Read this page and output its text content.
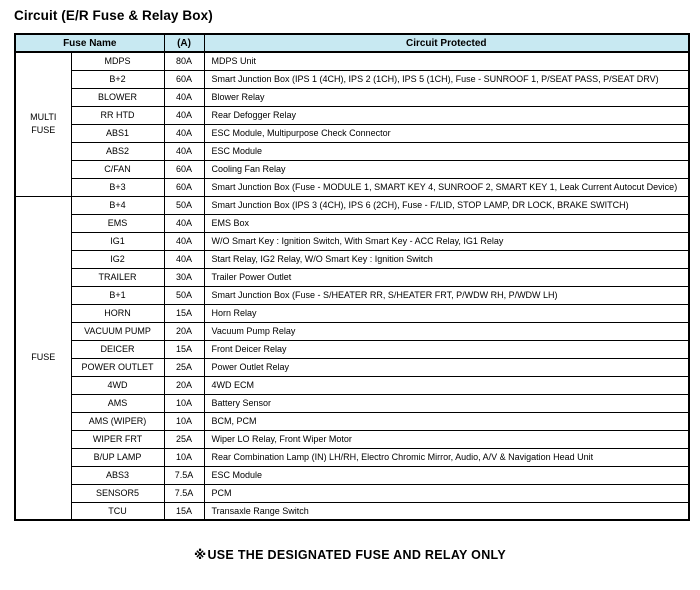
Circuit (E/R Fuse & Relay Box)
Fuse Name		(A)	Circuit Protected
MULTI
FUSE	MDPS	80A	MDPS Unit
	B+2	60A	Smart Junction Box (IPS 1 (4CH), IPS 2 (1CH), IPS 5 (1CH), Fuse - SUNROOF 1, P/SEAT PASS, P/SEAT DRV)
	BLOWER	40A	Blower Relay
	RR HTD	40A	Rear Defogger Relay
	ABS1	40A	ESC Module, Multipurpose Check Connector
	ABS2	40A	ESC Module
	C/FAN	60A	Cooling Fan Relay
	B+3	60A	Smart Junction Box (Fuse - MODULE 1, SMART KEY 4, SUNROOF 2, SMART KEY 1, Leak Current Autocut Device)
FUSE	B+4	50A	Smart Junction Box (IPS 3 (4CH), IPS 6 (2CH), Fuse - F/LID, STOP LAMP, DR LOCK, BRAKE SWITCH)
	EMS	40A	EMS Box
	IG1	40A	W/O Smart Key : Ignition Switch, With Smart Key - ACC Relay, IG1 Relay
	IG2	40A	Start Relay, IG2 Relay, W/O Smart Key : Ignition Switch
	TRAILER	30A	Trailer Power Outlet
	B+1	50A	Smart Junction Box (Fuse - S/HEATER RR, S/HEATER FRT, P/WDW RH, P/WDW LH)
	HORN	15A	Horn Relay
	VACUUM PUMP	20A	Vacuum Pump Relay
	DEICER	15A	Front Deicer Relay
	POWER OUTLET	25A	Power Outlet Relay
	4WD	20A	4WD ECM
	AMS	10A	Battery Sensor
	AMS (WIPER)	10A	BCM, PCM
	WIPER FRT	25A	Wiper LO Relay, Front Wiper Motor
	B/UP LAMP	10A	Rear Combination Lamp (IN) LH/RH, Electro Chromic Mirror, Audio, A/V & Navigation Head Unit
	ABS3	7.5A	ESC Module
	SENSOR5	7.5A	PCM
	TCU	15A	Transaxle Range Switch
※USE THE DESIGNATED FUSE AND RELAY ONLY
